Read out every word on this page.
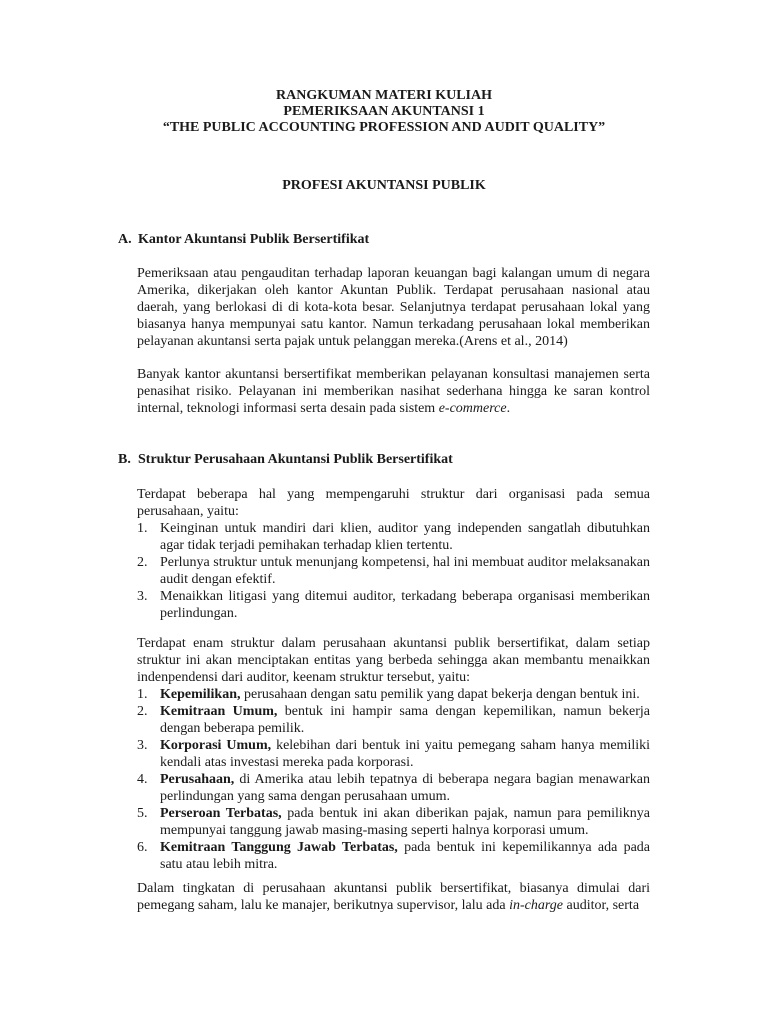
RANGKUMAN MATERI KULIAH
PEMERIKSAAN AKUNTANSI 1
“THE PUBLIC ACCOUNTING PROFESSION AND AUDIT QUALITY”
PROFESI AKUNTANSI PUBLIK
A. Kantor Akuntansi Publik Bersertifikat
Pemeriksaan atau pengauditan terhadap laporan keuangan bagi kalangan umum di negara Amerika, dikerjakan oleh kantor Akuntan Publik. Terdapat perusahaan nasional atau daerah, yang berlokasi di di kota-kota besar. Selanjutnya terdapat perusahaan lokal yang biasanya hanya mempunyai satu kantor. Namun terkadang perusahaan lokal memberikan pelayanan akuntansi serta pajak untuk pelanggan mereka.(Arens et al., 2014)
Banyak kantor akuntansi bersertifikat memberikan pelayanan konsultasi manajemen serta penasihat risiko. Pelayanan ini memberikan nasihat sederhana hingga ke saran kontrol internal, teknologi informasi serta desain pada sistem e-commerce.
B. Struktur Perusahaan Akuntansi Publik Bersertifikat
Terdapat beberapa hal yang mempengaruhi struktur dari organisasi pada semua perusahaan, yaitu:
1. Keinginan untuk mandiri dari klien, auditor yang independen sangatlah dibutuhkan agar tidak terjadi pemihakan terhadap klien tertentu.
2. Perlunya struktur untuk menunjang kompetensi, hal ini membuat auditor melaksanakan audit dengan efektif.
3. Menaikkan litigasi yang ditemui auditor, terkadang beberapa organisasi memberikan perlindungan.
Terdapat enam struktur dalam perusahaan akuntansi publik bersertifikat, dalam setiap struktur ini akan menciptakan entitas yang berbeda sehingga akan membantu menaikkan indenpendensi dari auditor, keenam struktur tersebut, yaitu:
1. Kepemilikan, perusahaan dengan satu pemilik yang dapat bekerja dengan bentuk ini.
2. Kemitraan Umum, bentuk ini hampir sama dengan kepemilikan, namun bekerja dengan beberapa pemilik.
3. Korporasi Umum, kelebihan dari bentuk ini yaitu pemegang saham hanya memiliki kendali atas investasi mereka pada korporasi.
4. Perusahaan, di Amerika atau lebih tepatnya di beberapa negara bagian menawarkan perlindungan yang sama dengan perusahaan umum.
5. Perseroan Terbatas, pada bentuk ini akan diberikan pajak, namun para pemiliknya mempunyai tanggung jawab masing-masing seperti halnya korporasi umum.
6. Kemitraan Tanggung Jawab Terbatas, pada bentuk ini kepemilikannya ada pada satu atau lebih mitra.
Dalam tingkatan di perusahaan akuntansi publik bersertifikat, biasanya dimulai dari pemegang saham, lalu ke manajer, berikutnya supervisor, lalu ada in-charge auditor, serta
